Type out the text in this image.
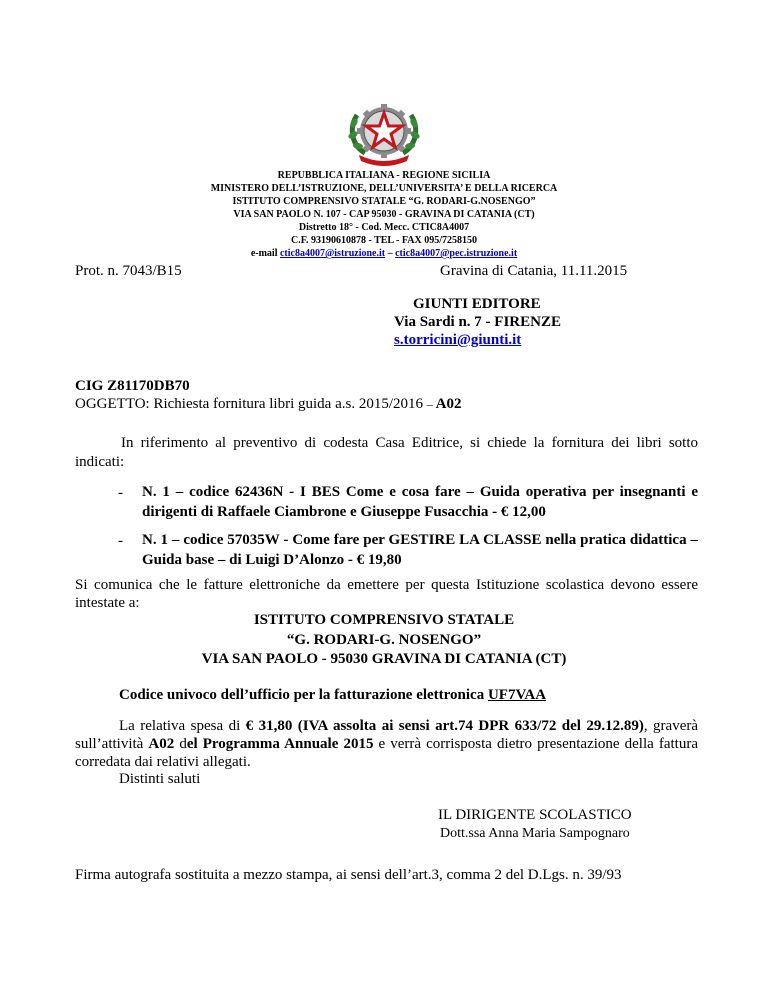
REPUBBLICA ITALIANA - REGIONE SICILIA
MINISTERO DELL’ISTRUZIONE, DELL’UNIVERSITA’ E DELLA RICERCA
ISTITUTO COMPRENSIVO STATALE “G. RODARI-G.NOSENGO”
VIA SAN PAOLO N. 107 - CAP 95030 - GRAVINA DI CATANIA (CT)
Distretto 18° - Cod. Mecc. CTIC8A4007
C.F. 93190610878 - TEL - FAX 095/7258150
e-mail ctic8a4007@istruzione.it – ctic8a4007@pec.istruzione.it
Prot. n. 7043/B15	Gravina di Catania, 11.11.2015
GIUNTI EDITORE
Via Sardi n. 7 - FIRENZE
s.torricini@giunti.it
CIG Z81170DB70
OGGETTO: Richiesta fornitura libri guida a.s. 2015/2016 – A02
In riferimento al preventivo di codesta Casa Editrice, si chiede la fornitura dei libri sotto indicati:
- N. 1 – codice 62436N - I BES Come e cosa fare – Guida operativa per insegnanti e dirigenti di Raffaele Ciambrone e Giuseppe Fusacchia - € 12,00
- N. 1 – codice 57035W - Come fare per GESTIRE LA CLASSE nella pratica didattica – Guida base – di Luigi D’Alonzo - € 19,80
Si comunica che le fatture elettroniche da emettere per questa Istituzione scolastica devono essere intestate a:
ISTITUTO COMPRENSIVO STATALE
“G. RODARI-G. NOSENGO”
VIA SAN PAOLO - 95030 GRAVINA DI CATANIA (CT)
Codice univoco dell’ufficio per la fatturazione elettronica UF7VAA
La relativa spesa di € 31,80 (IVA assolta ai sensi art.74 DPR 633/72 del 29.12.89), graverà sull’attività A02 del Programma Annuale 2015 e verrà corrisposta dietro presentazione della fattura corredata dai relativi allegati.
Distinti saluti
IL DIRIGENTE SCOLASTICO
Dott.ssa Anna Maria Sampognaro
Firma autografa sostituita a mezzo stampa, ai sensi dell’art.3, comma 2 del D.Lgs. n. 39/93
